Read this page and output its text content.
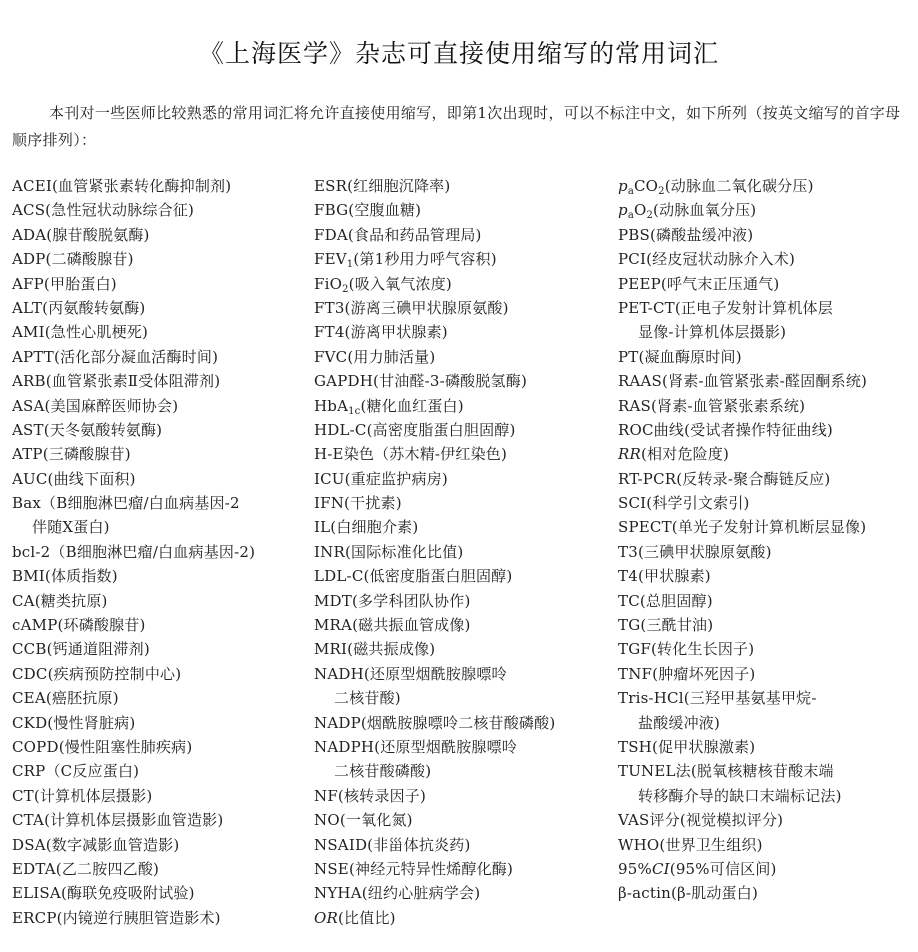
《上海医学》杂志可直接使用缩写的常用词汇
本刊对一些医师比较熟悉的常用词汇将允许直接使用缩写，即第1次出现时，可以不标注中文，如下所列（按英文缩写的首字母顺序排列）：
ACEI(血管紧张素转化酶抑制剂)
ACS(急性冠状动脉综合征)
ADA(腺苷酸脱氨酶)
ADP(二磷酸腺苷)
AFP(甲胎蛋白)
ALT(丙氨酸转氨酶)
AMI(急性心肌梗死)
APTT(活化部分凝血活酶时间)
ARB(血管紧张素Ⅱ受体阻滞剂)
ASA(美国麻醉医师协会)
AST(天冬氨酸转氨酶)
ATP(三磷酸腺苷)
AUC(曲线下面积)
Bax（B细胞淋巴瘤/白血病基因-2
伴随X蛋白)
bcl-2（B细胞淋巴瘤/白血病基因-2)
BMI(体质指数)
CA(糖类抗原)
cAMP(环磷酸腺苷)
CCB(钙通道阻滞剂)
CDC(疾病预防控制中心)
CEA(癌胚抗原)
CKD(慢性肾脏病)
COPD(慢性阻塞性肺疾病)
CRP（C反应蛋白)
CT(计算机体层摄影)
CTA(计算机体层摄影血管造影)
DSA(数字减影血管造影)
EDTA(乙二胺四乙酸)
ELISA(酶联免疫吸附试验)
ERCP(内镜逆行胰胆管造影术)
ESR(红细胞沉降率)
FBG(空腹血糖)
FDA(食品和药品管理局)
$FEV_1$(第1秒用力呼气容积)
FiO$_2$(吸入氧气浓度)
FT3(游离三碘甲状腺原氨酸)
FT4(游离甲状腺素)
FVC(用力肺活量)
GAPDH(甘油醛-3-磷酸脱氢酶)
HbA$_{1c}$(糖化血红蛋白)
HDL-C(高密度脂蛋白胆固醇)
H-E染色（苏木精-伊红染色)
ICU(重症监护病房)
IFN(干扰素)
IL(白细胞介素)
INR(国际标准化比值)
LDL-C(低密度脂蛋白胆固醇)
MDT(多学科团队协作)
MRA(磁共振血管成像)
MRI(磁共振成像)
NADH(还原型烟酰胺腺嘌呤
二核苷酸)
NADP(烟酰胺腺嘌呤二核苷酸磷酸)
NADPH(还原型烟酰胺腺嘌呤
二核苷酸磷酸)
NF(核转录因子)
NO(一氧化氮)
NSAID(非甾体抗炎药)
NSE(神经元特异性烯醇化酶)
NYHA(纽约心脏病学会)
OR(比值比)
$p_aCO_2$(动脉血二氧化碳分压)
$p_aO_2$(动脉血氧分压)
PBS(磷酸盐缓冲液)
PCI(经皮冠状动脉介入术)
PEEP(呼气末正压通气)
PET-CT(正电子发射计算机体层
显像-计算机体层摄影)
PT(凝血酶原时间)
RAAS(肾素-血管紧张素-醛固酮系统)
RAS(肾素-血管紧张素系统)
ROC曲线(受试者操作特征曲线)
RR(相对危险度)
RT-PCR(反转录-聚合酶链反应)
SCI(科学引文索引)
SPECT(单光子发射计算机断层显像)
T3(三碘甲状腺原氨酸)
T4(甲状腺素)
TC(总胆固醇)
TG(三酰甘油)
TGF(转化生长因子)
TNF(肿瘤坏死因子)
Tris-HCl(三羟甲基氨基甲烷-
盐酸缓冲液)
TSH(促甲状腺激素)
TUNEL法(脱氧核糖核苷酸末端
转移酶介导的缺口末端标记法)
VAS评分(视觉模拟评分)
WHO(世界卫生组织)
95%CI(95%可信区间)
β-actin(β-肌动蛋白)
